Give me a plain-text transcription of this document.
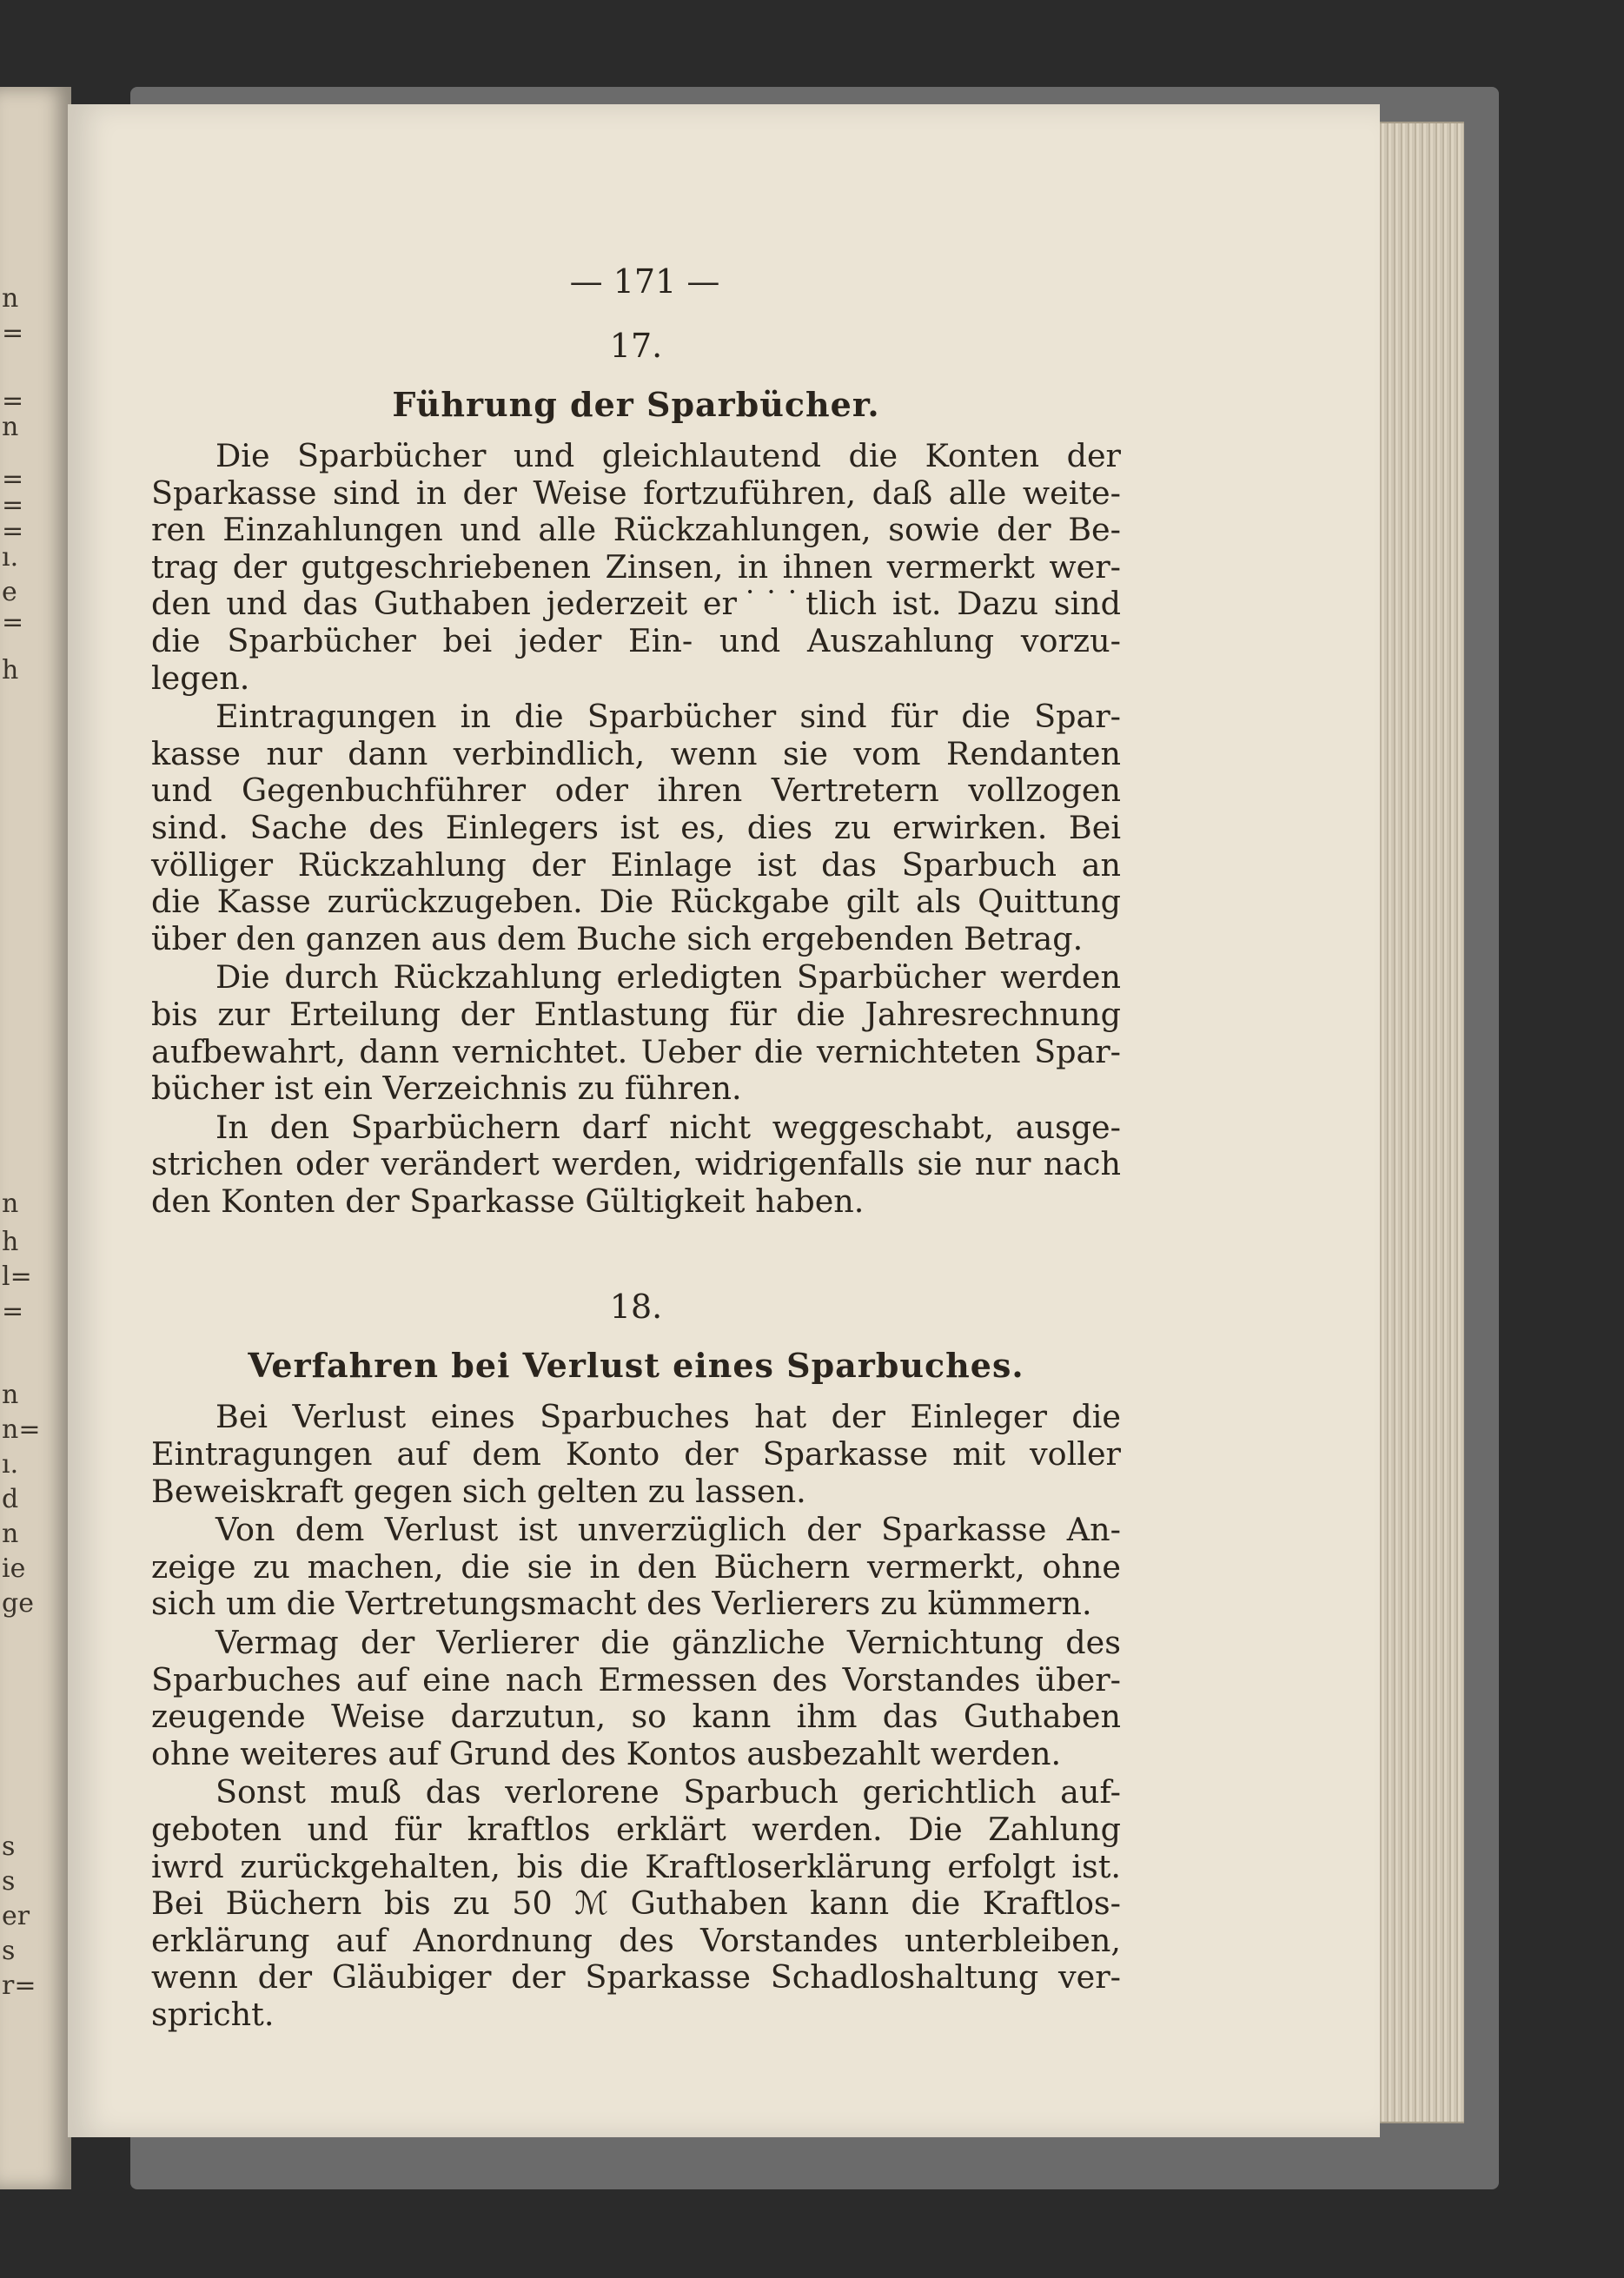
n
=
=
n
=
=
=
ı.
e
=
h
n
h
l=
=
n
n=
ı.
d
n
ie
ge
s
s
er
s
r=
— 171 —
17.
Führung der Sparbücher.
Die Sparbücher und gleichlautend die Konten der
Sparkasse sind in der Weise fortzuführen, daß alle weite-
ren Einzahlungen und alle Rückzahlungen, sowie der Be-
trag der gutgeschriebenen Zinsen, in ihnen vermerkt wer-
den und das Guthaben jederzeit er˙˙˙tlich ist. Dazu sind
die Sparbücher bei jeder Ein- und Auszahlung vorzu-
legen.
Eintragungen in die Sparbücher sind für die Spar-
kasse nur dann verbindlich, wenn sie vom Rendanten
und Gegenbuchführer oder ihren Vertretern vollzogen
sind. Sache des Einlegers ist es, dies zu erwirken. Bei
völliger Rückzahlung der Einlage ist das Sparbuch an
die Kasse zurückzugeben. Die Rückgabe gilt als Quittung
über den ganzen aus dem Buche sich ergebenden Betrag.
Die durch Rückzahlung erledigten Sparbücher werden
bis zur Erteilung der Entlastung für die Jahresrechnung
aufbewahrt, dann vernichtet. Ueber die vernichteten Spar-
bücher ist ein Verzeichnis zu führen.
In den Sparbüchern darf nicht weggeschabt, ausge-
strichen oder verändert werden, widrigenfalls sie nur nach
den Konten der Sparkasse Gültigkeit haben.
18.
Verfahren bei Verlust eines Sparbuches.
Bei Verlust eines Sparbuches hat der Einleger die
Eintragungen auf dem Konto der Sparkasse mit voller
Beweiskraft gegen sich gelten zu lassen.
Von dem Verlust ist unverzüglich der Sparkasse An-
zeige zu machen, die sie in den Büchern vermerkt, ohne
sich um die Vertretungsmacht des Verlierers zu kümmern.
Vermag der Verlierer die gänzliche Vernichtung des
Sparbuches auf eine nach Ermessen des Vorstandes über-
zeugende Weise darzutun, so kann ihm das Guthaben
ohne weiteres auf Grund des Kontos ausbezahlt werden.
Sonst muß das verlorene Sparbuch gerichtlich auf-
geboten und für kraftlos erklärt werden. Die Zahlung
iwrd zurückgehalten, bis die Kraftloserklärung erfolgt ist.
Bei Büchern bis zu 50 ℳ Guthaben kann die Kraftlos-
erklärung auf Anordnung des Vorstandes unterbleiben,
wenn der Gläubiger der Sparkasse Schadloshaltung ver-
spricht.
